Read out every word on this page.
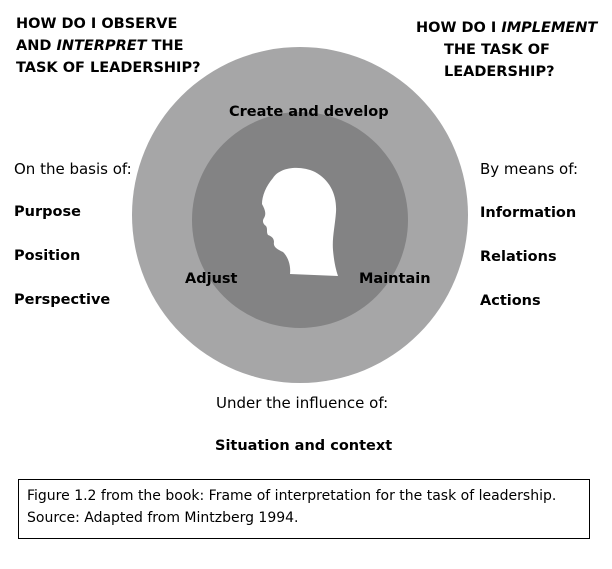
HOW DO I OBSERVE
AND INTERPRET THE
TASK OF LEADERSHIP?
HOW DO I IMPLEMENT
THE TASK OF
LEADERSHIP?
Create and develop
Adjust	Maintain
On the basis of:
Purpose
Position
Perspective
By means of:
Information
Relations
Actions
Under the influence of:
Situation and context
Figure 1.2 from the book: Frame of interpretation for the task of leadership.
Source: Adapted from Mintzberg 1994.
